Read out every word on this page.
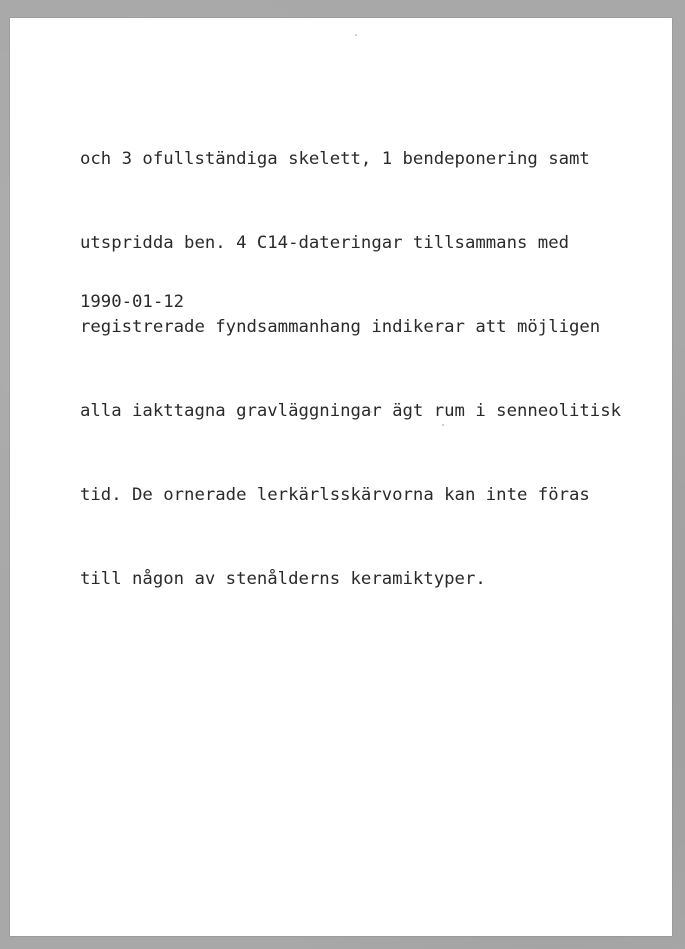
och 3 ofullständiga skelett, 1 bendeponering samt

utspridda ben. 4 C14-dateringar tillsammans med

registrerade fyndsammanhang indikerar att möjligen

alla iakttagna gravläggningar ägt rum i senneolitisk

tid. De ornerade lerkärlsskärvorna kan inte föras

till någon av stenålderns keramiktyper.

1990-01-12
